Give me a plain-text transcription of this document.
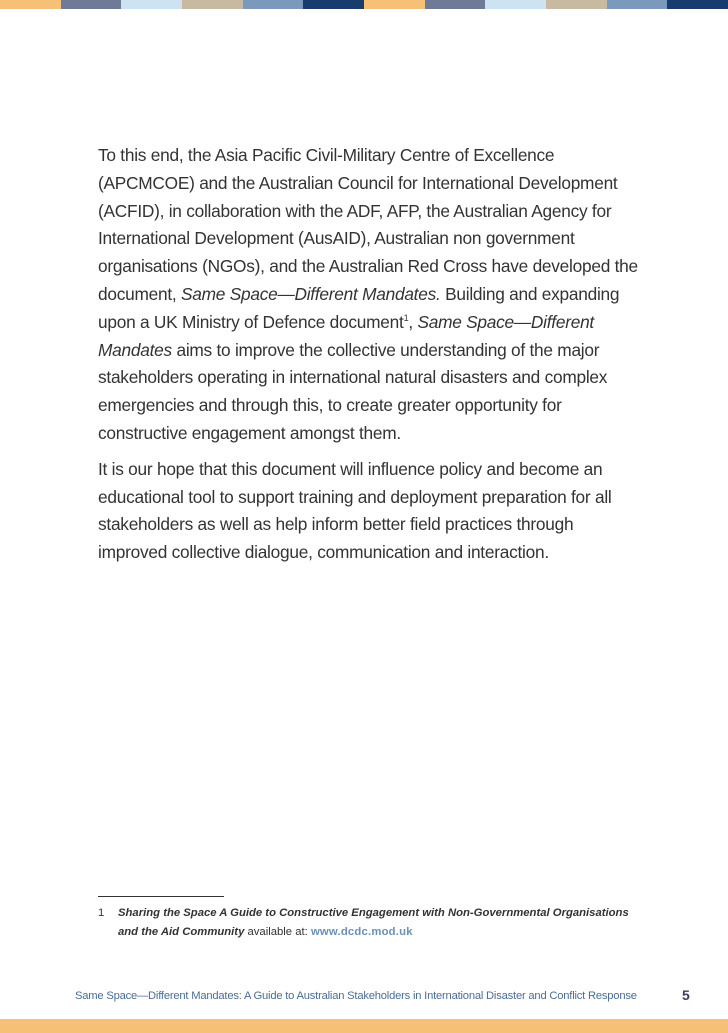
To this end, the Asia Pacific Civil-Military Centre of Excellence (APCMCOE) and the Australian Council for International Development (ACFID), in collaboration with the ADF, AFP, the Australian Agency for International Development (AusAID), Australian non government organisations (NGOs), and the Australian Red Cross have developed the document, Same Space—Different Mandates. Building and expanding upon a UK Ministry of Defence document$^1$, Same Space—Different Mandates aims to improve the collective understanding of the major stakeholders operating in international natural disasters and complex emergencies and through this, to create greater opportunity for constructive engagement amongst them.

It is our hope that this document will influence policy and become an educational tool to support training and deployment preparation for all stakeholders as well as help inform better field practices through improved collective dialogue, communication and interaction.

1 Sharing the Space A Guide to Constructive Engagement with Non-Governmental Organisations and the Aid Community available at: www.dcdc.mod.uk
Same Space—Different Mandates: A Guide to Australian Stakeholders in International Disaster and Conflict Response	5
